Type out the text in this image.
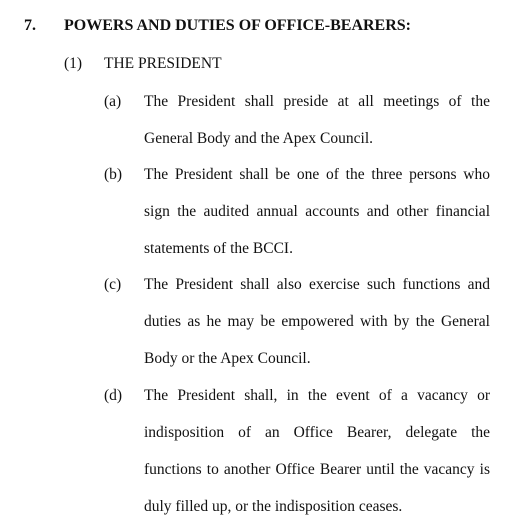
7. POWERS AND DUTIES OF OFFICE-BEARERS:
(1) THE PRESIDENT
(a)	The President shall preside at all meetings of the
General Body and the Apex Council.
(b)	The President shall be one of the three persons who
sign the audited annual accounts and other financial
statements of the BCCI.
(c)	The President shall also exercise such functions and
duties as he may be empowered with by the General
Body or the Apex Council.
(d)	The President shall, in the event of a vacancy or
indisposition of an Office Bearer, delegate the
functions to another Office Bearer until the vacancy is
duly filled up, or the indisposition ceases.
